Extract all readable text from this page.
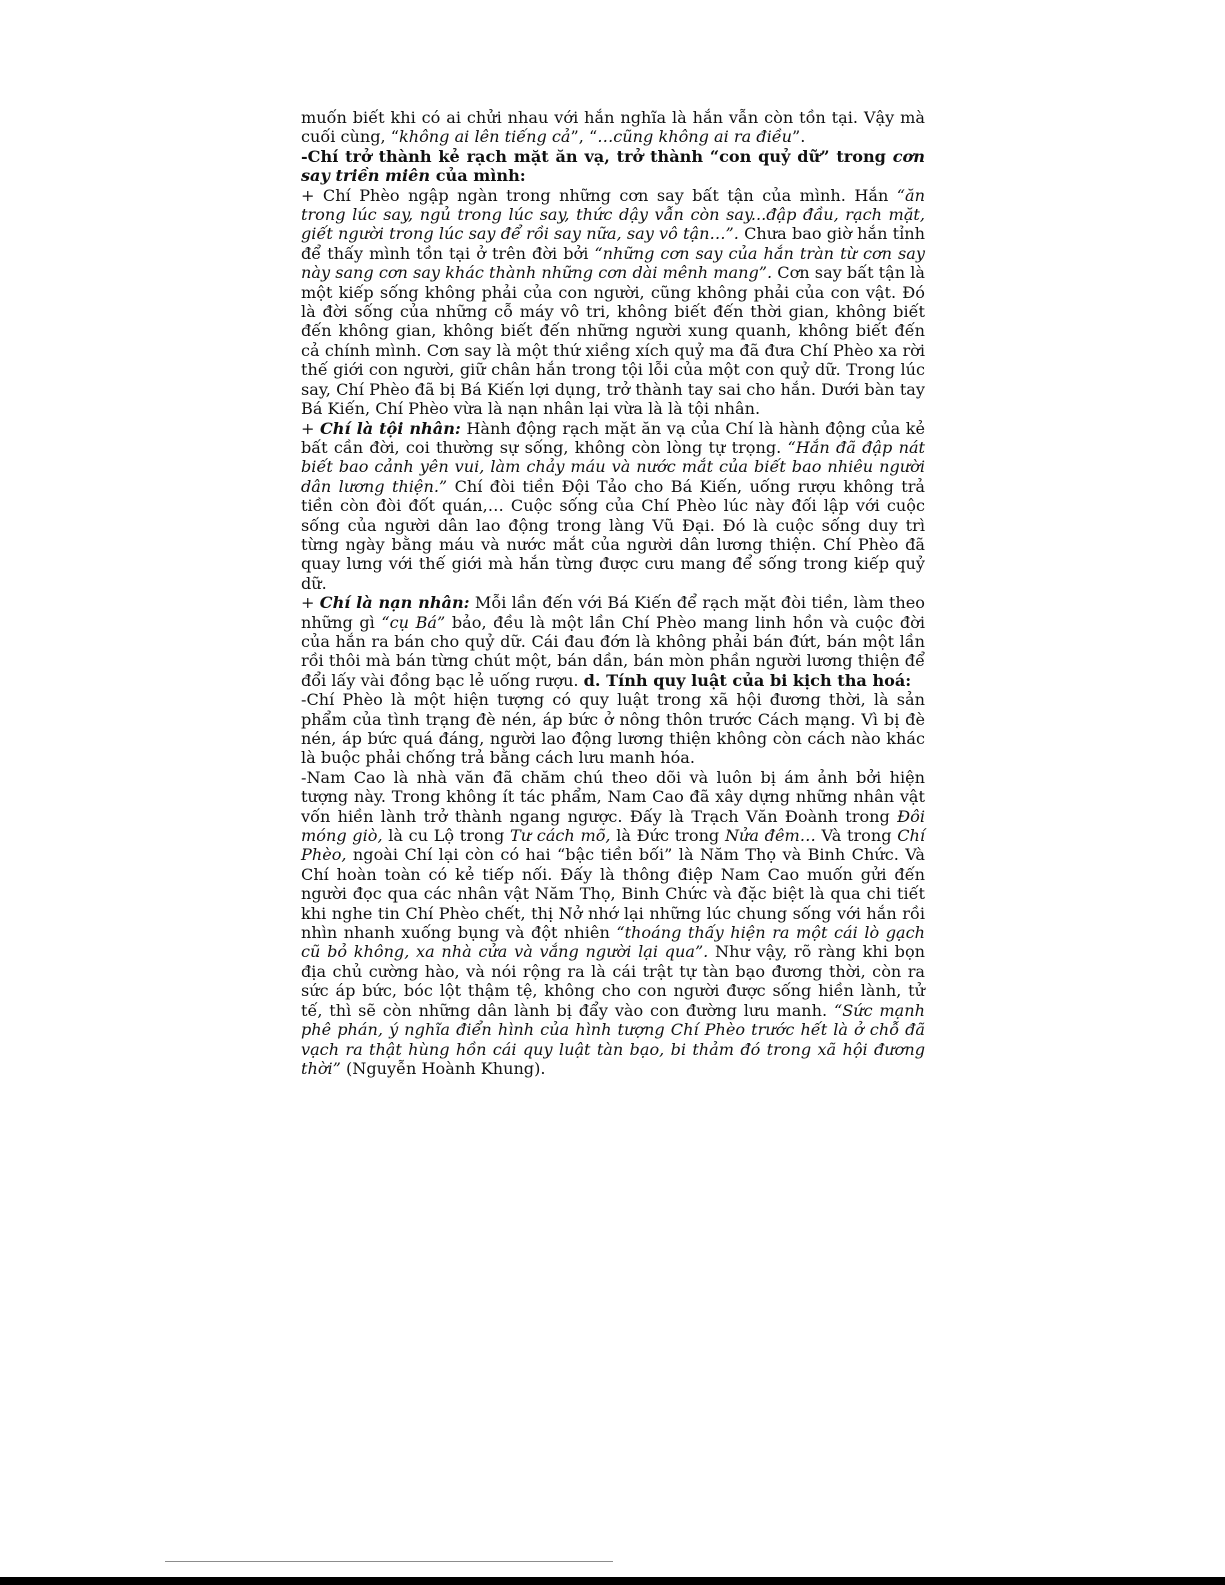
muốn biết khi có ai chửi nhau với hắn nghĩa là hắn vẫn còn tồn tại. Vậy mà cuối cùng, “không ai lên tiếng cả”, “…cũng không ai ra điều”.

-Chí trở thành kẻ rạch mặt ăn vạ, trở thành “con quỷ dữ” trong cơn say triền miên của mình:

+ Chí Phèo ngập ngàn trong những cơn say bất tận của mình. Hắn “ăn trong lúc say, ngủ trong lúc say, thức dậy vẫn còn say...đập đầu, rạch mặt, giết người trong lúc say để rồi say nữa, say vô tận…”. Chưa bao giờ hắn tỉnh để thấy mình tồn tại ở trên đời bởi “những cơn say của hắn tràn từ cơn say này sang cơn say khác thành những cơn dài mênh mang”. Cơn say bất tận là một kiếp sống không phải của con người, cũng không phải của con vật. Đó là đời sống của những cỗ máy vô tri, không biết đến thời gian, không biết đến không gian, không biết đến những người xung quanh, không biết đến cả chính mình. Cơn say là một thứ xiềng xích quỷ ma đã đưa Chí Phèo xa rời thế giới con người, giữ chân hắn trong tội lỗi của một con quỷ dữ. Trong lúc say, Chí Phèo đã bị Bá Kiến lợi dụng, trở thành tay sai cho hắn. Dưới bàn tay Bá Kiến, Chí Phèo vừa là nạn nhân lại vừa là là tội nhân.

+ Chí là tội nhân: Hành động rạch mặt ăn vạ của Chí là hành động của kẻ bất cần đời, coi thường sự sống, không còn lòng tự trọng. “Hắn đã đập nát biết bao cảnh yên vui, làm chảy máu và nước mắt của biết bao nhiêu người dân lương thiện.” Chí đòi tiền Đội Tảo cho Bá Kiến, uống rượu không trả tiền còn đòi đốt quán,… Cuộc sống của Chí Phèo lúc này đối lập với cuộc sống của người dân lao động trong làng Vũ Đại. Đó là cuộc sống duy trì từng ngày bằng máu và nước mắt của người dân lương thiện. Chí Phèo đã quay lưng với thế giới mà hắn từng được cưu mang để sống trong kiếp quỷ dữ.

+ Chí là nạn nhân: Mỗi lần đến với Bá Kiến để rạch mặt đòi tiền, làm theo những gì “cụ Bá” bảo, đều là một lần Chí Phèo mang linh hồn và cuộc đời của hắn ra bán cho quỷ dữ. Cái đau đớn là không phải bán đứt, bán một lần rồi thôi mà bán từng chút một, bán dần, bán mòn phần người lương thiện để đổi lấy vài đồng bạc lẻ uống rượu. d. Tính quy luật của bi kịch tha hoá:

-Chí Phèo là một hiện tượng có quy luật trong xã hội đương thời, là sản phẩm của tình trạng đè nén, áp bức ở nông thôn trước Cách mạng. Vì bị đè nén, áp bức quá đáng, người lao động lương thiện không còn cách nào khác là buộc phải chống trả bằng cách lưu manh hóa.

-Nam Cao là nhà văn đã chăm chú theo dõi và luôn bị ám ảnh bởi hiện tượng này. Trong không ít tác phẩm, Nam Cao đã xây dựng những nhân vật vốn hiền lành trở thành ngang ngược. Đấy là Trạch Văn Đoành trong Đôi móng giò, là cu Lộ trong Tư cách mõ, là Đức trong Nửa đêm… Và trong Chí Phèo, ngoài Chí lại còn có hai “bậc tiền bối” là Năm Thọ và Binh Chức. Và Chí hoàn toàn có kẻ tiếp nối. Đấy là thông điệp Nam Cao muốn gửi đến người đọc qua các nhân vật Năm Thọ, Binh Chức và đặc biệt là qua chi tiết khi nghe tin Chí Phèo chết, thị Nở nhớ lại những lúc chung sống với hắn rồi nhìn nhanh xuống bụng và đột nhiên “thoáng thấy hiện ra một cái lò gạch cũ bỏ không, xa nhà cửa và vắng người lại qua”. Như vậy, rõ ràng khi bọn địa chủ cường hào, và nói rộng ra là cái trật tự tàn bạo đương thời, còn ra sức áp bức, bóc lột thậm tệ, không cho con người được sống hiền lành, tử tế, thì sẽ còn những dân lành bị đẩy vào con đường lưu manh. “Sức mạnh phê phán, ý nghĩa điển hình của hình tượng Chí Phèo trước hết là ở chỗ đã vạch ra thật hùng hồn cái quy luật tàn bạo, bi thảm đó trong xã hội đương thời” (Nguyễn Hoành Khung).
